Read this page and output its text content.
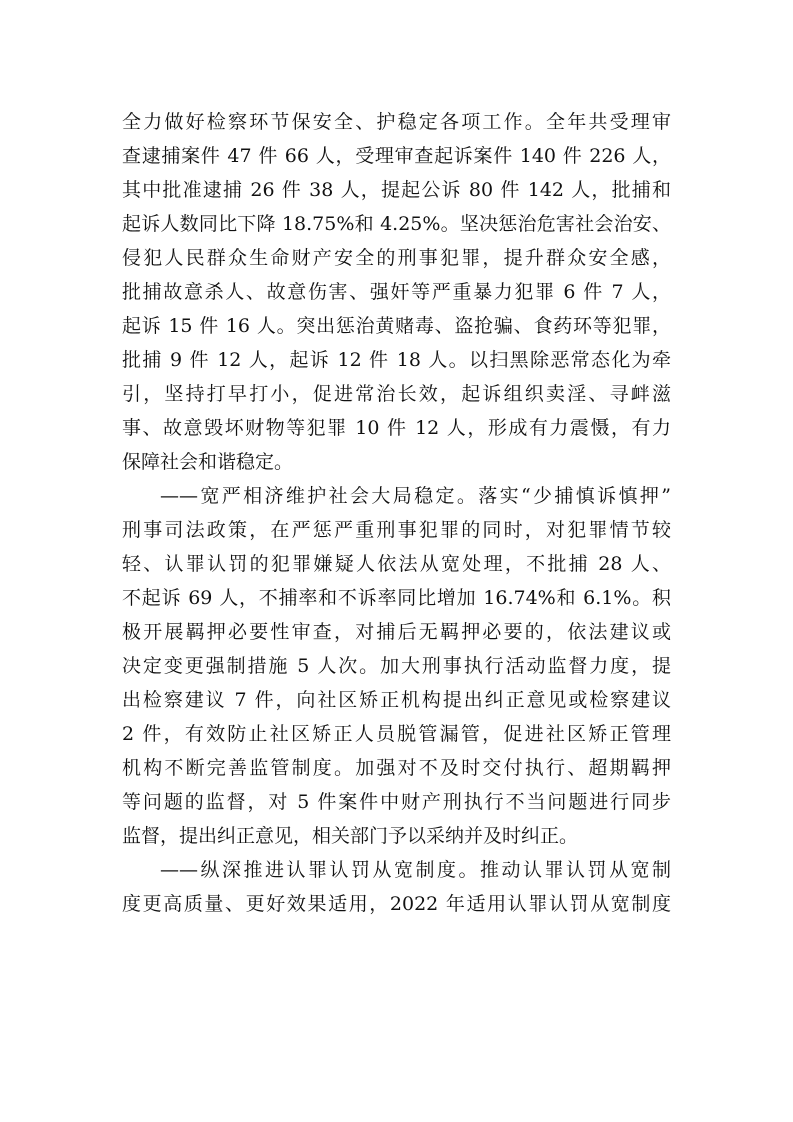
全力做好检察环节保安全、护稳定各项工作。全年共受理审
查逮捕案件 47 件 66 人，受理审查起诉案件 140 件 226 人，
其中批准逮捕 26 件 38 人，提起公诉 80 件 142 人，批捕和
起诉人数同比下降 18.75%和 4.25%。坚决惩治危害社会治安、
侵犯人民群众生命财产安全的刑事犯罪，提升群众安全感，
批捕故意杀人、故意伤害、强奸等严重暴力犯罪 6 件 7 人，
起诉 15 件 16 人。突出惩治黄赌毒、盗抢骗、食药环等犯罪，
批捕 9 件 12 人，起诉 12 件 18 人。以扫黑除恶常态化为牵
引，坚持打早打小，促进常治长效，起诉组织卖淫、寻衅滋
事、故意毁坏财物等犯罪 10 件 12 人，形成有力震慑，有力
保障社会和谐稳定。
——宽严相济维护社会大局稳定。落实“少捕慎诉慎押”
刑事司法政策，在严惩严重刑事犯罪的同时，对犯罪情节较
轻、认罪认罚的犯罪嫌疑人依法从宽处理，不批捕 28 人、
不起诉 69 人，不捕率和不诉率同比增加 16.74%和 6.1%。积
极开展羁押必要性审查，对捕后无羁押必要的，依法建议或
决定变更强制措施 5 人次。加大刑事执行活动监督力度，提
出检察建议 7 件，向社区矫正机构提出纠正意见或检察建议
2 件，有效防止社区矫正人员脱管漏管，促进社区矫正管理
机构不断完善监管制度。加强对不及时交付执行、超期羁押
等问题的监督，对 5 件案件中财产刑执行不当问题进行同步
监督，提出纠正意见，相关部门予以采纳并及时纠正。
——纵深推进认罪认罚从宽制度。推动认罪认罚从宽制
度更高质量、更好效果适用，2022 年适用认罪认罚从宽制度
